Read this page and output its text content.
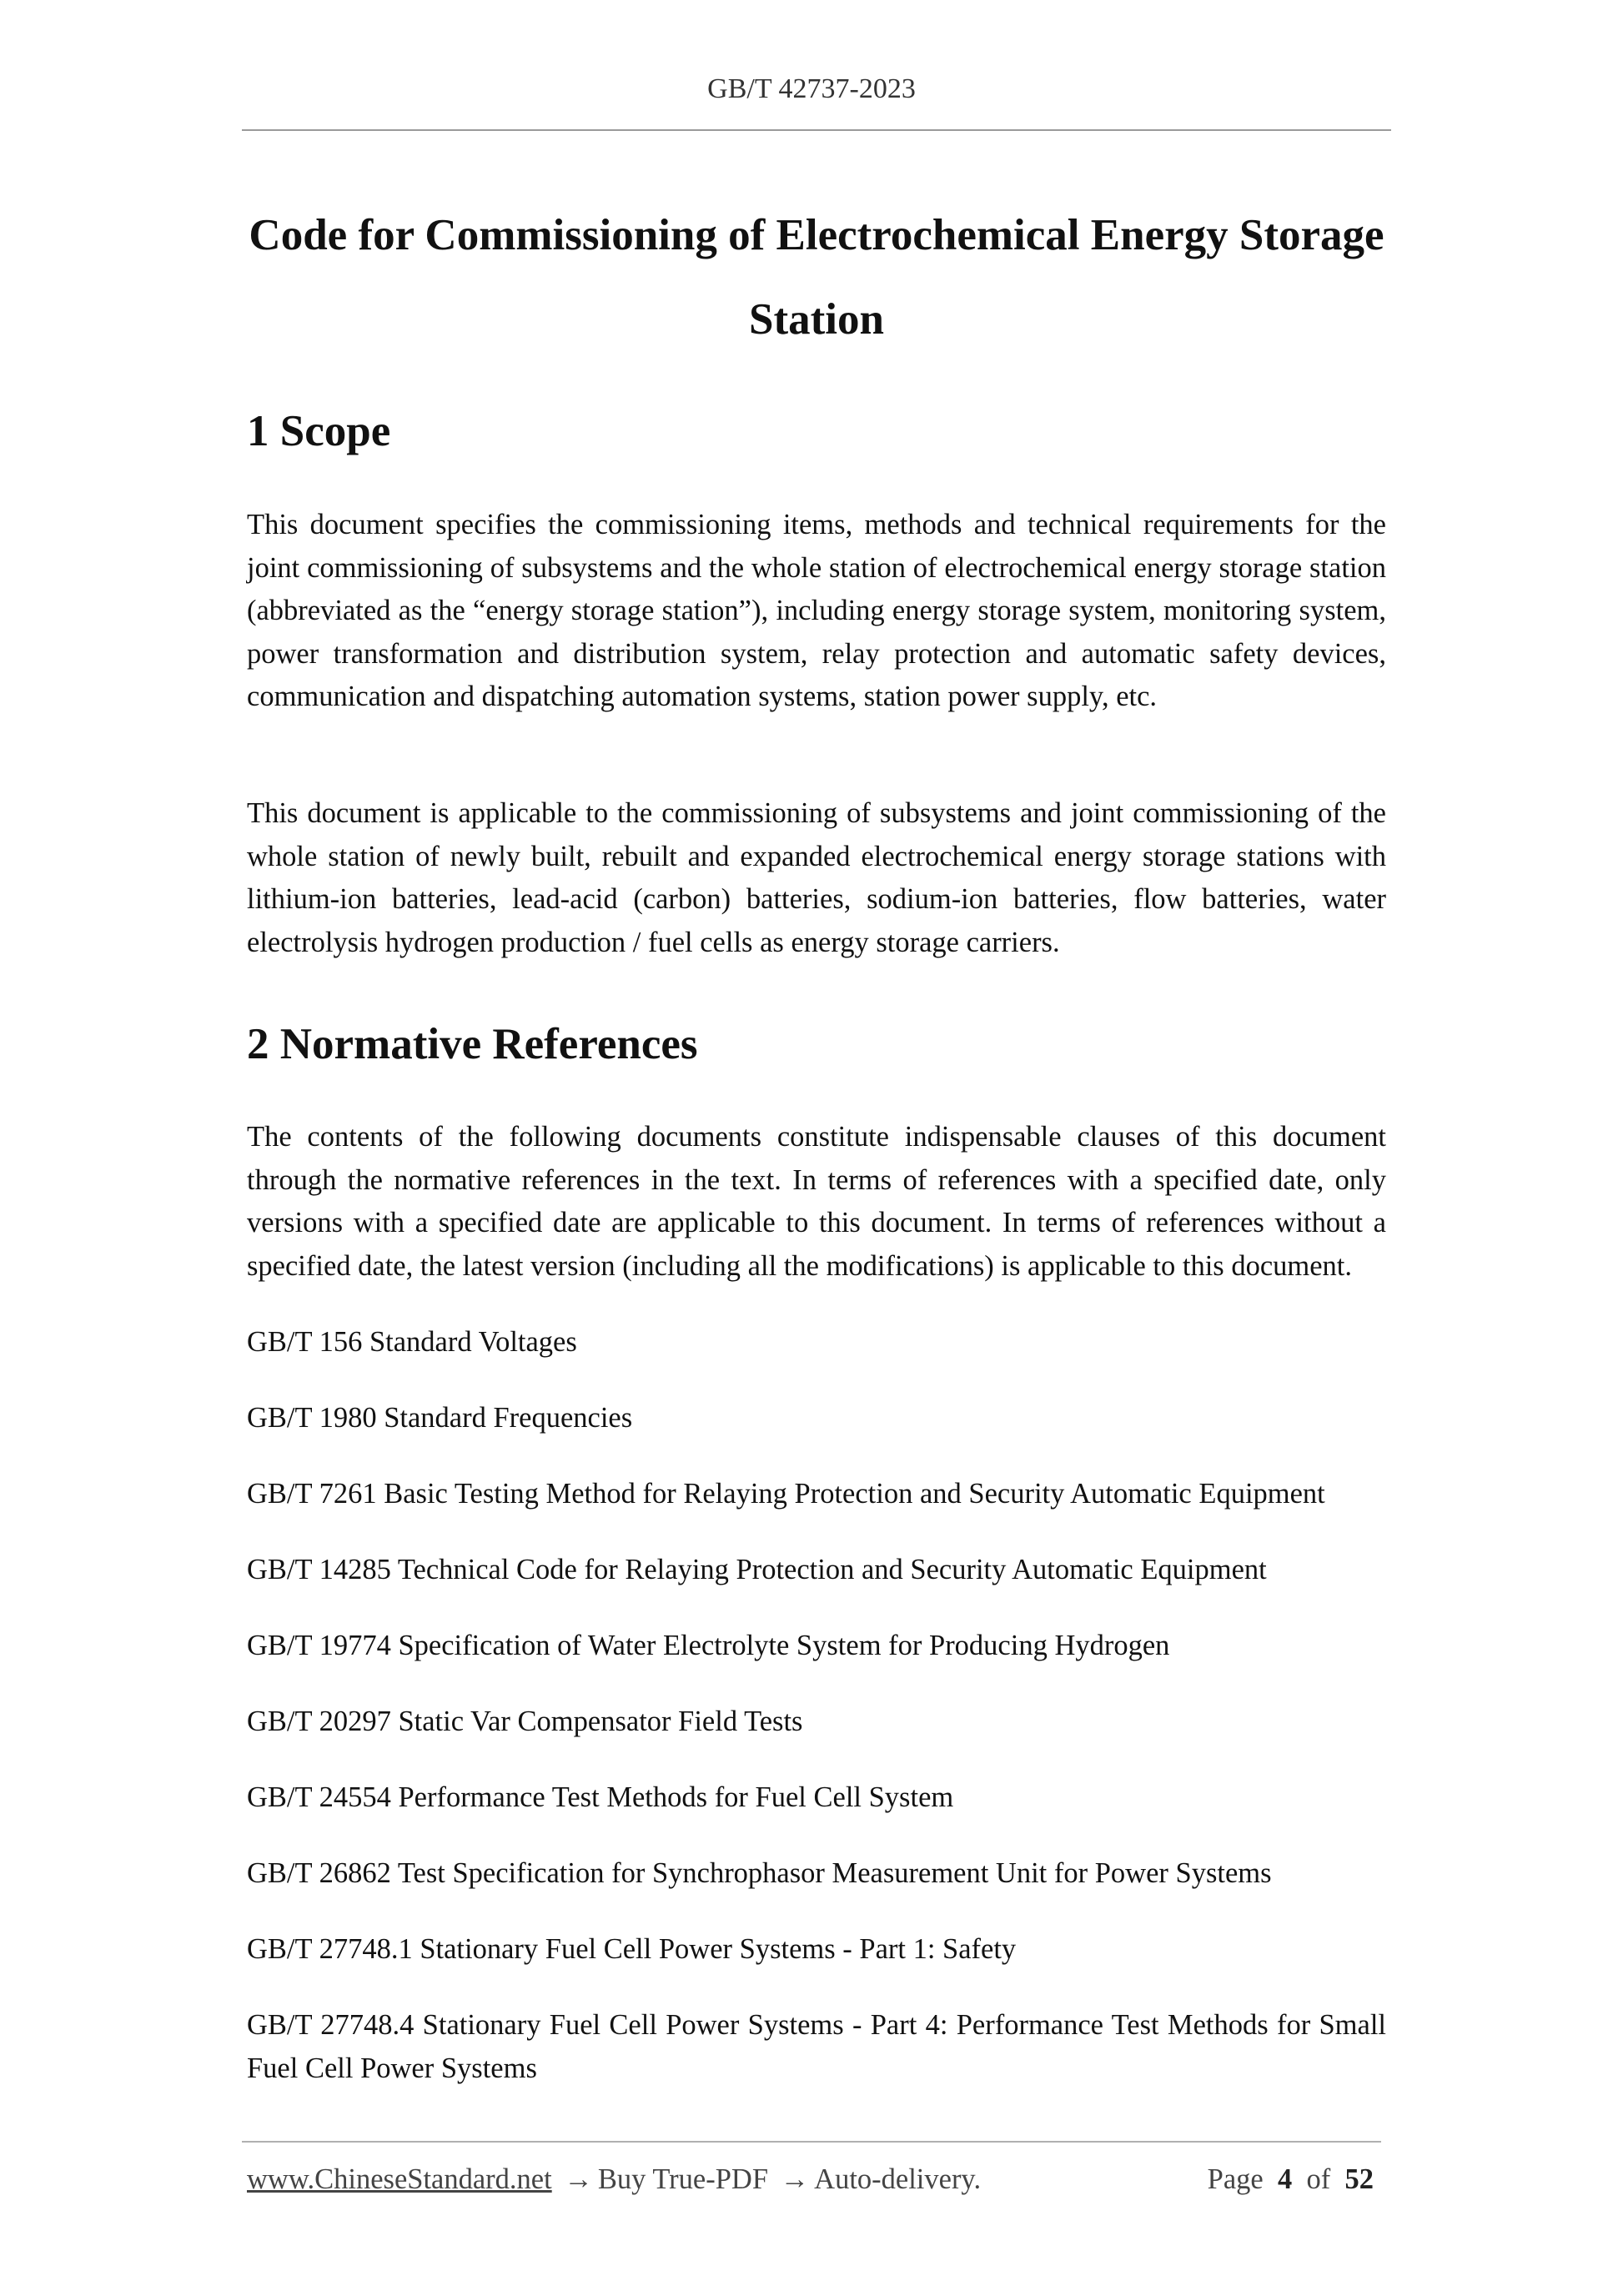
GB/T 42737-2023
Code for Commissioning of Electrochemical Energy Storage Station
1 Scope

This document specifies the commissioning items, methods and technical requirements for the joint commissioning of subsystems and the whole station of electrochemical energy storage station (abbreviated as the “energy storage station”), including energy storage system, monitoring system, power transformation and distribution system, relay protection and automatic safety devices, communication and dispatching automation systems, station power supply, etc.

This document is applicable to the commissioning of subsystems and joint commissioning of the whole station of newly built, rebuilt and expanded electrochemical energy storage stations with lithium-ion batteries, lead-acid (carbon) batteries, sodium-ion batteries, flow batteries, water electrolysis hydrogen production / fuel cells as energy storage carriers.

2 Normative References

The contents of the following documents constitute indispensable clauses of this document through the normative references in the text. In terms of references with a specified date, only versions with a specified date are applicable to this document. In terms of references without a specified date, the latest version (including all the modifications) is applicable to this document.

GB/T 156 Standard Voltages

GB/T 1980 Standard Frequencies

GB/T 7261 Basic Testing Method for Relaying Protection and Security Automatic Equipment

GB/T 14285 Technical Code for Relaying Protection and Security Automatic Equipment

GB/T 19774 Specification of Water Electrolyte System for Producing Hydrogen

GB/T 20297 Static Var Compensator Field Tests

GB/T 24554 Performance Test Methods for Fuel Cell System

GB/T 26862 Test Specification for Synchrophasor Measurement Unit for Power Systems

GB/T 27748.1 Stationary Fuel Cell Power Systems - Part 1: Safety

GB/T 27748.4 Stationary Fuel Cell Power Systems - Part 4: Performance Test Methods for Small Fuel Cell Power Systems

www.ChineseStandard.net → Buy True-PDF → Auto-delivery.	Page 4 of 52
